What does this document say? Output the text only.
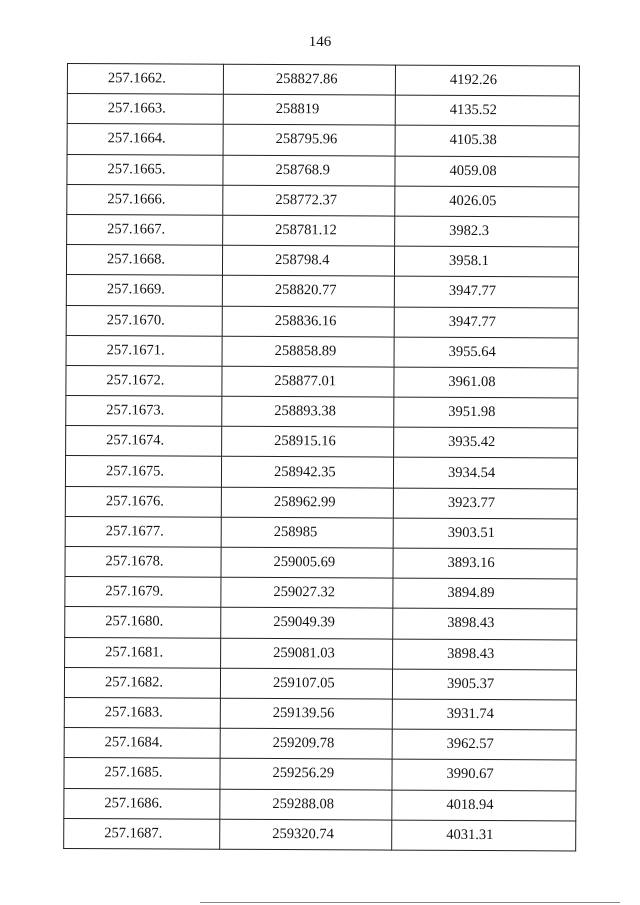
146
257.1662.	258827.86	4192.26
257.1663.	258819	4135.52
257.1664.	258795.96	4105.38
257.1665.	258768.9	4059.08
257.1666.	258772.37	4026.05
257.1667.	258781.12	3982.3
257.1668.	258798.4	3958.1
257.1669.	258820.77	3947.77
257.1670.	258836.16	3947.77
257.1671.	258858.89	3955.64
257.1672.	258877.01	3961.08
257.1673.	258893.38	3951.98
257.1674.	258915.16	3935.42
257.1675.	258942.35	3934.54
257.1676.	258962.99	3923.77
257.1677.	258985	3903.51
257.1678.	259005.69	3893.16
257.1679.	259027.32	3894.89
257.1680.	259049.39	3898.43
257.1681.	259081.03	3898.43
257.1682.	259107.05	3905.37
257.1683.	259139.56	3931.74
257.1684.	259209.78	3962.57
257.1685.	259256.29	3990.67
257.1686.	259288.08	4018.94
257.1687.	259320.74	4031.31
